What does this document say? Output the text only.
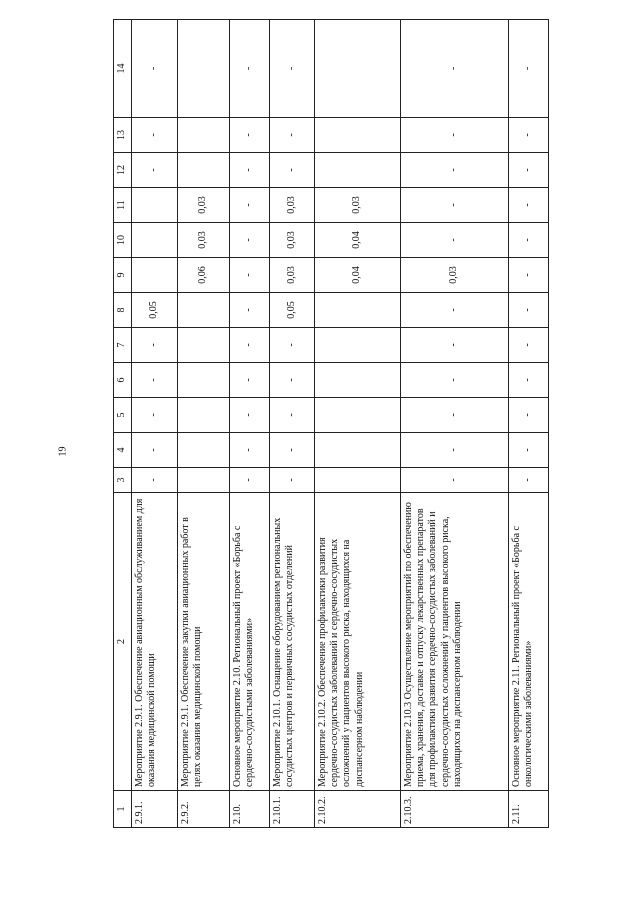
19
1	2	3	4	5	6	7	8	9	10	11	12	13	14
2.9.1.	Мероприятие 2.9.1. Обеспечение авиационным обслуживанием для оказания медицинской помощи	-	-	-	-	-	0,05				-	-	-
2.9.2.	Мероприятие 2.9.1. Обеспечение закупки авиационных работ в целях оказания медицинской помощи							0,06	0,03	0,03			
2.10.	Основное мероприятие 2.10. Региональный проект «Борьба с сердечно-сосудистыми заболеваниями»	-	-	-	-	-	-	-	-	-	-	-	-
2.10.1.	Мероприятие 2.10.1. Оснащение оборудованием региональных сосудистых центров и первичных сосудистых отделений	-	-	-	-	-	0,05	0,03	0,03	0,03	-	-	-
2.10.2.	Мероприятие 2.10.2. Обеспечение профилактики развития сердечно-сосудистых заболеваний и сердечно-сосудистых осложнений у пациентов высокого риска, находящихся на диспансерном наблюдении							0,04	0,04	0,03			
2.10.3.	Мероприятие 2.10.3 Осуществление мероприятий по обеспечению приема, хранения, доставке и отпуску лекарственных препаратов для профилактики развития сердечно-сосудистых заболеваний и сердечно-сосудистых осложнений у пациентов высокого риска, находящихся на диспансерном наблюдении	-	-	-	-	-	-	0,03	-	-	-	-	-
2.11.	Основное мероприятие 2.11. Региональный проект «Борьба с онкологическими заболеваниями»	-	-	-	-	-	-	-	-	-	-	-	-
